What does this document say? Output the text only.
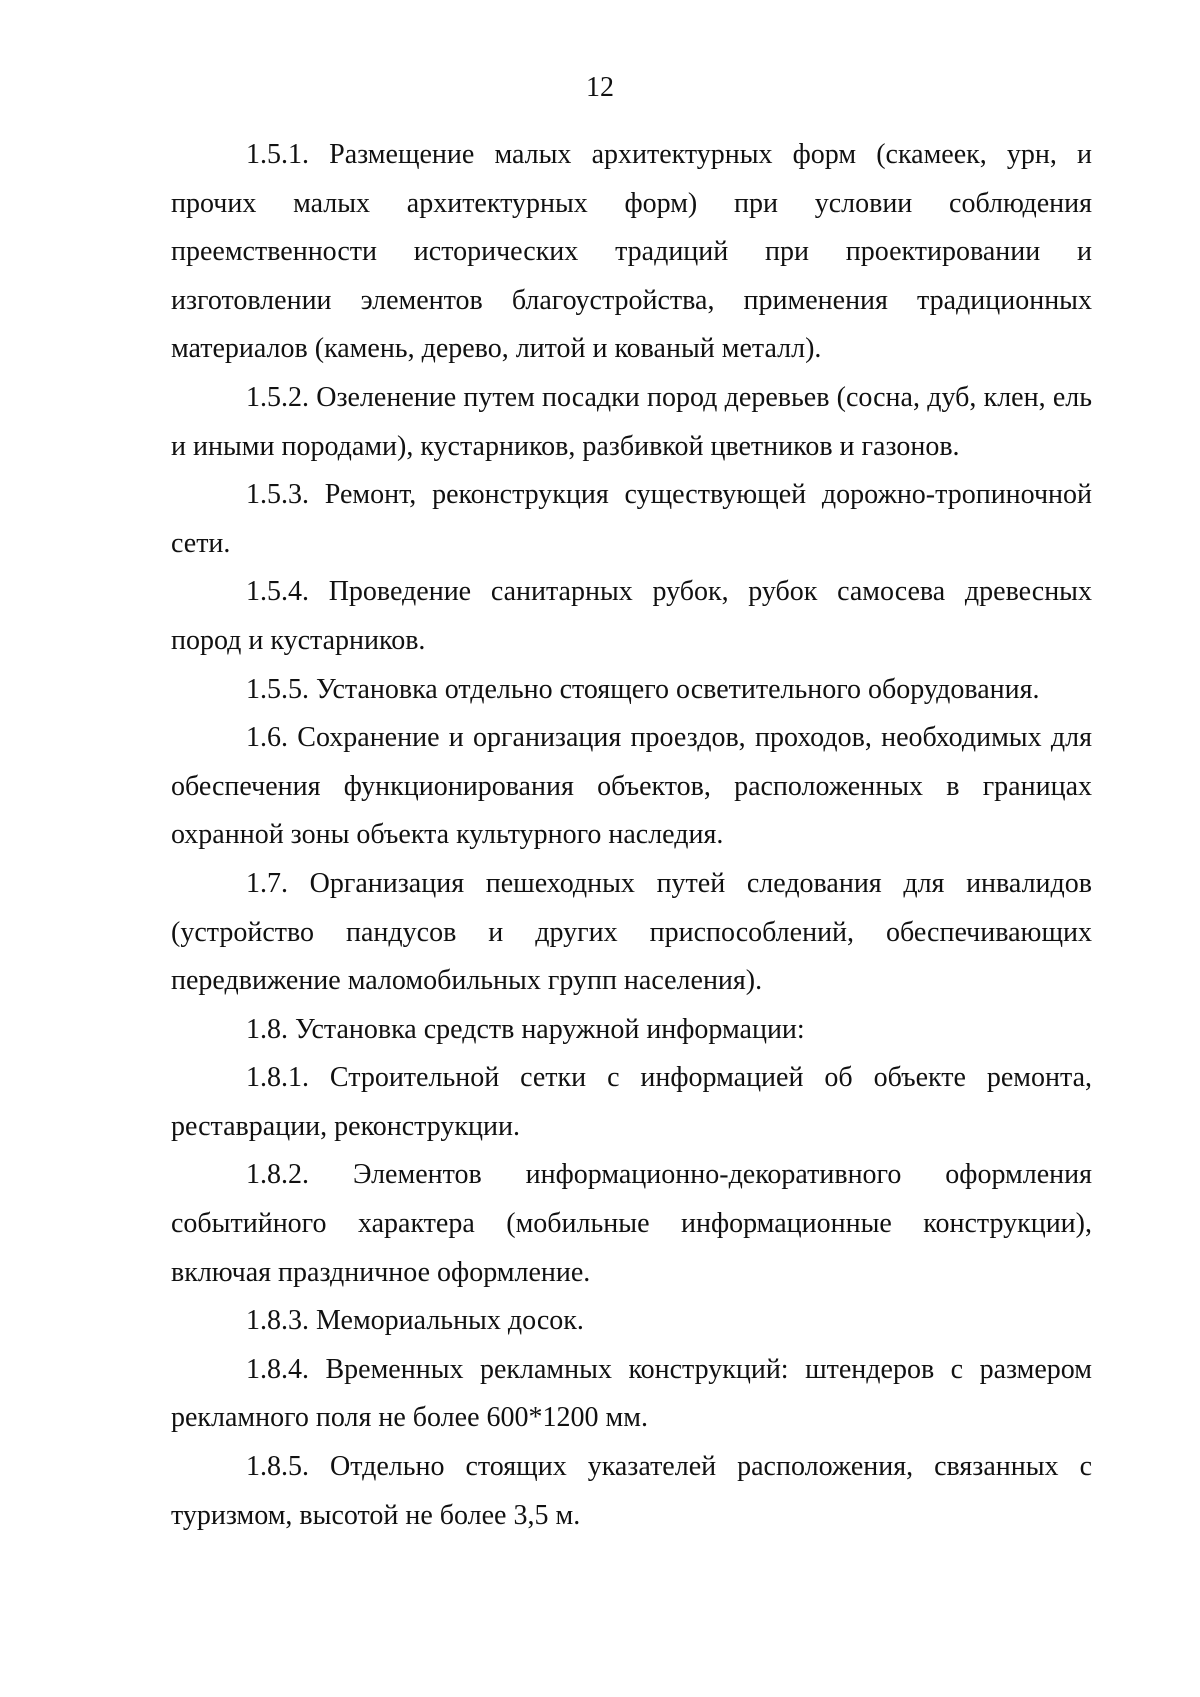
12

1.5.1. Размещение малых архитектурных форм (скамеек, урн, и прочих малых архитектурных форм) при условии соблюдения преемственности исторических традиций при проектировании и изготовлении элементов благоустройства, применения традиционных материалов (камень, дерево, литой и кованый металл).

1.5.2. Озеленение путем посадки пород деревьев (сосна, дуб, клен, ель и иными породами), кустарников, разбивкой цветников и газонов.

1.5.3. Ремонт, реконструкция существующей дорожно-тропиночной сети.

1.5.4. Проведение санитарных рубок, рубок самосева древесных пород и кустарников.

1.5.5. Установка отдельно стоящего осветительного оборудования.

1.6. Сохранение и организация проездов, проходов, необходимых для обеспечения функционирования объектов, расположенных в границах охранной зоны объекта культурного наследия.

1.7. Организация пешеходных путей следования для инвалидов (устройство пандусов и других приспособлений, обеспечивающих передвижение маломобильных групп населения).

1.8. Установка средств наружной информации:

1.8.1. Строительной сетки с информацией об объекте ремонта, реставрации, реконструкции.

1.8.2. Элементов информационно-декоративного оформления событийного характера (мобильные информационные конструкции), включая праздничное оформление.

1.8.3. Мемориальных досок.

1.8.4. Временных рекламных конструкций: штендеров с размером рекламного поля не более 600*1200 мм.

1.8.5. Отдельно стоящих указателей расположения, связанных с туризмом, высотой не более 3,5 м.
